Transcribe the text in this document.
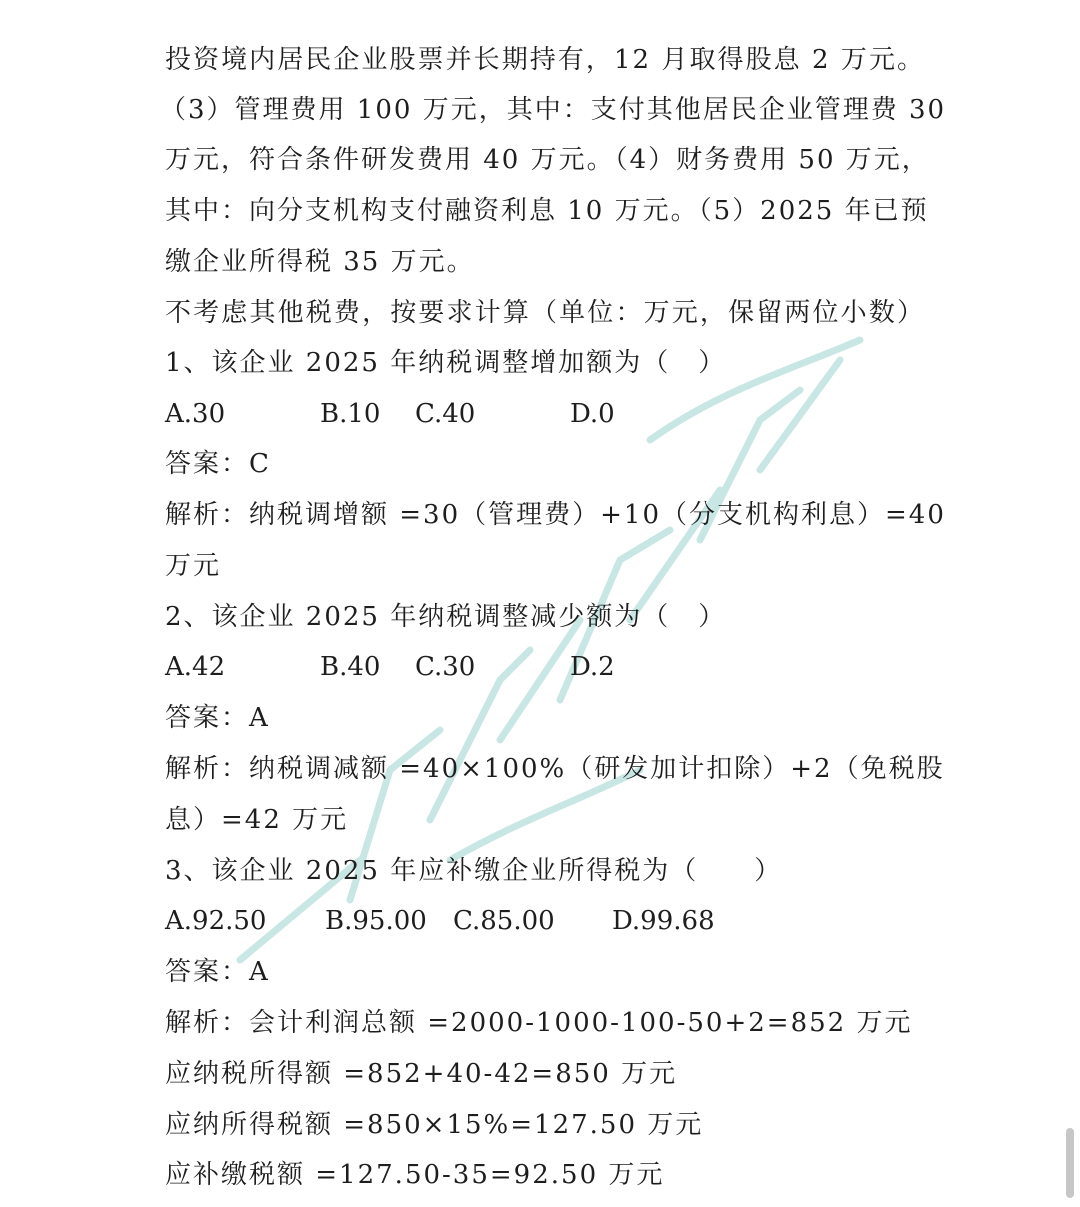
投资境内居民企业股票并长期持有，12 月取得股息 2 万元。
（3）管理费用 100 万元，其中：支付其他居民企业管理费 30
万元，符合条件研发费用 40 万元。（4）财务费用 50 万元，
其中：向分支机构支付融资利息 10 万元。（5）2025 年已预
缴企业所得税 35 万元。
不考虑其他税费，按要求计算（单位：万元，保留两位小数）
1、该企业 2025 年纳税调整增加额为（　）
A.30	B.10 C.40	D.0
答案：C
解析：纳税调增额 =30（管理费）+10（分支机构利息）=40
万元
2、该企业 2025 年纳税调整减少额为（　）
A.42	B.40 C.30	D.2
答案：A
解析：纳税调减额 =40×100%（研发加计扣除）+2（免税股
息）=42 万元
3、该企业 2025 年应补缴企业所得税为（　　）
A.92.50 B.95.00 C.85.00 D.99.68
答案：A
解析：会计利润总额 =2000-1000-100-50+2=852 万元
应纳税所得额 =852+40-42=850 万元
应纳所得税额 =850×15%=127.50 万元
应补缴税额 =127.50-35=92.50 万元
